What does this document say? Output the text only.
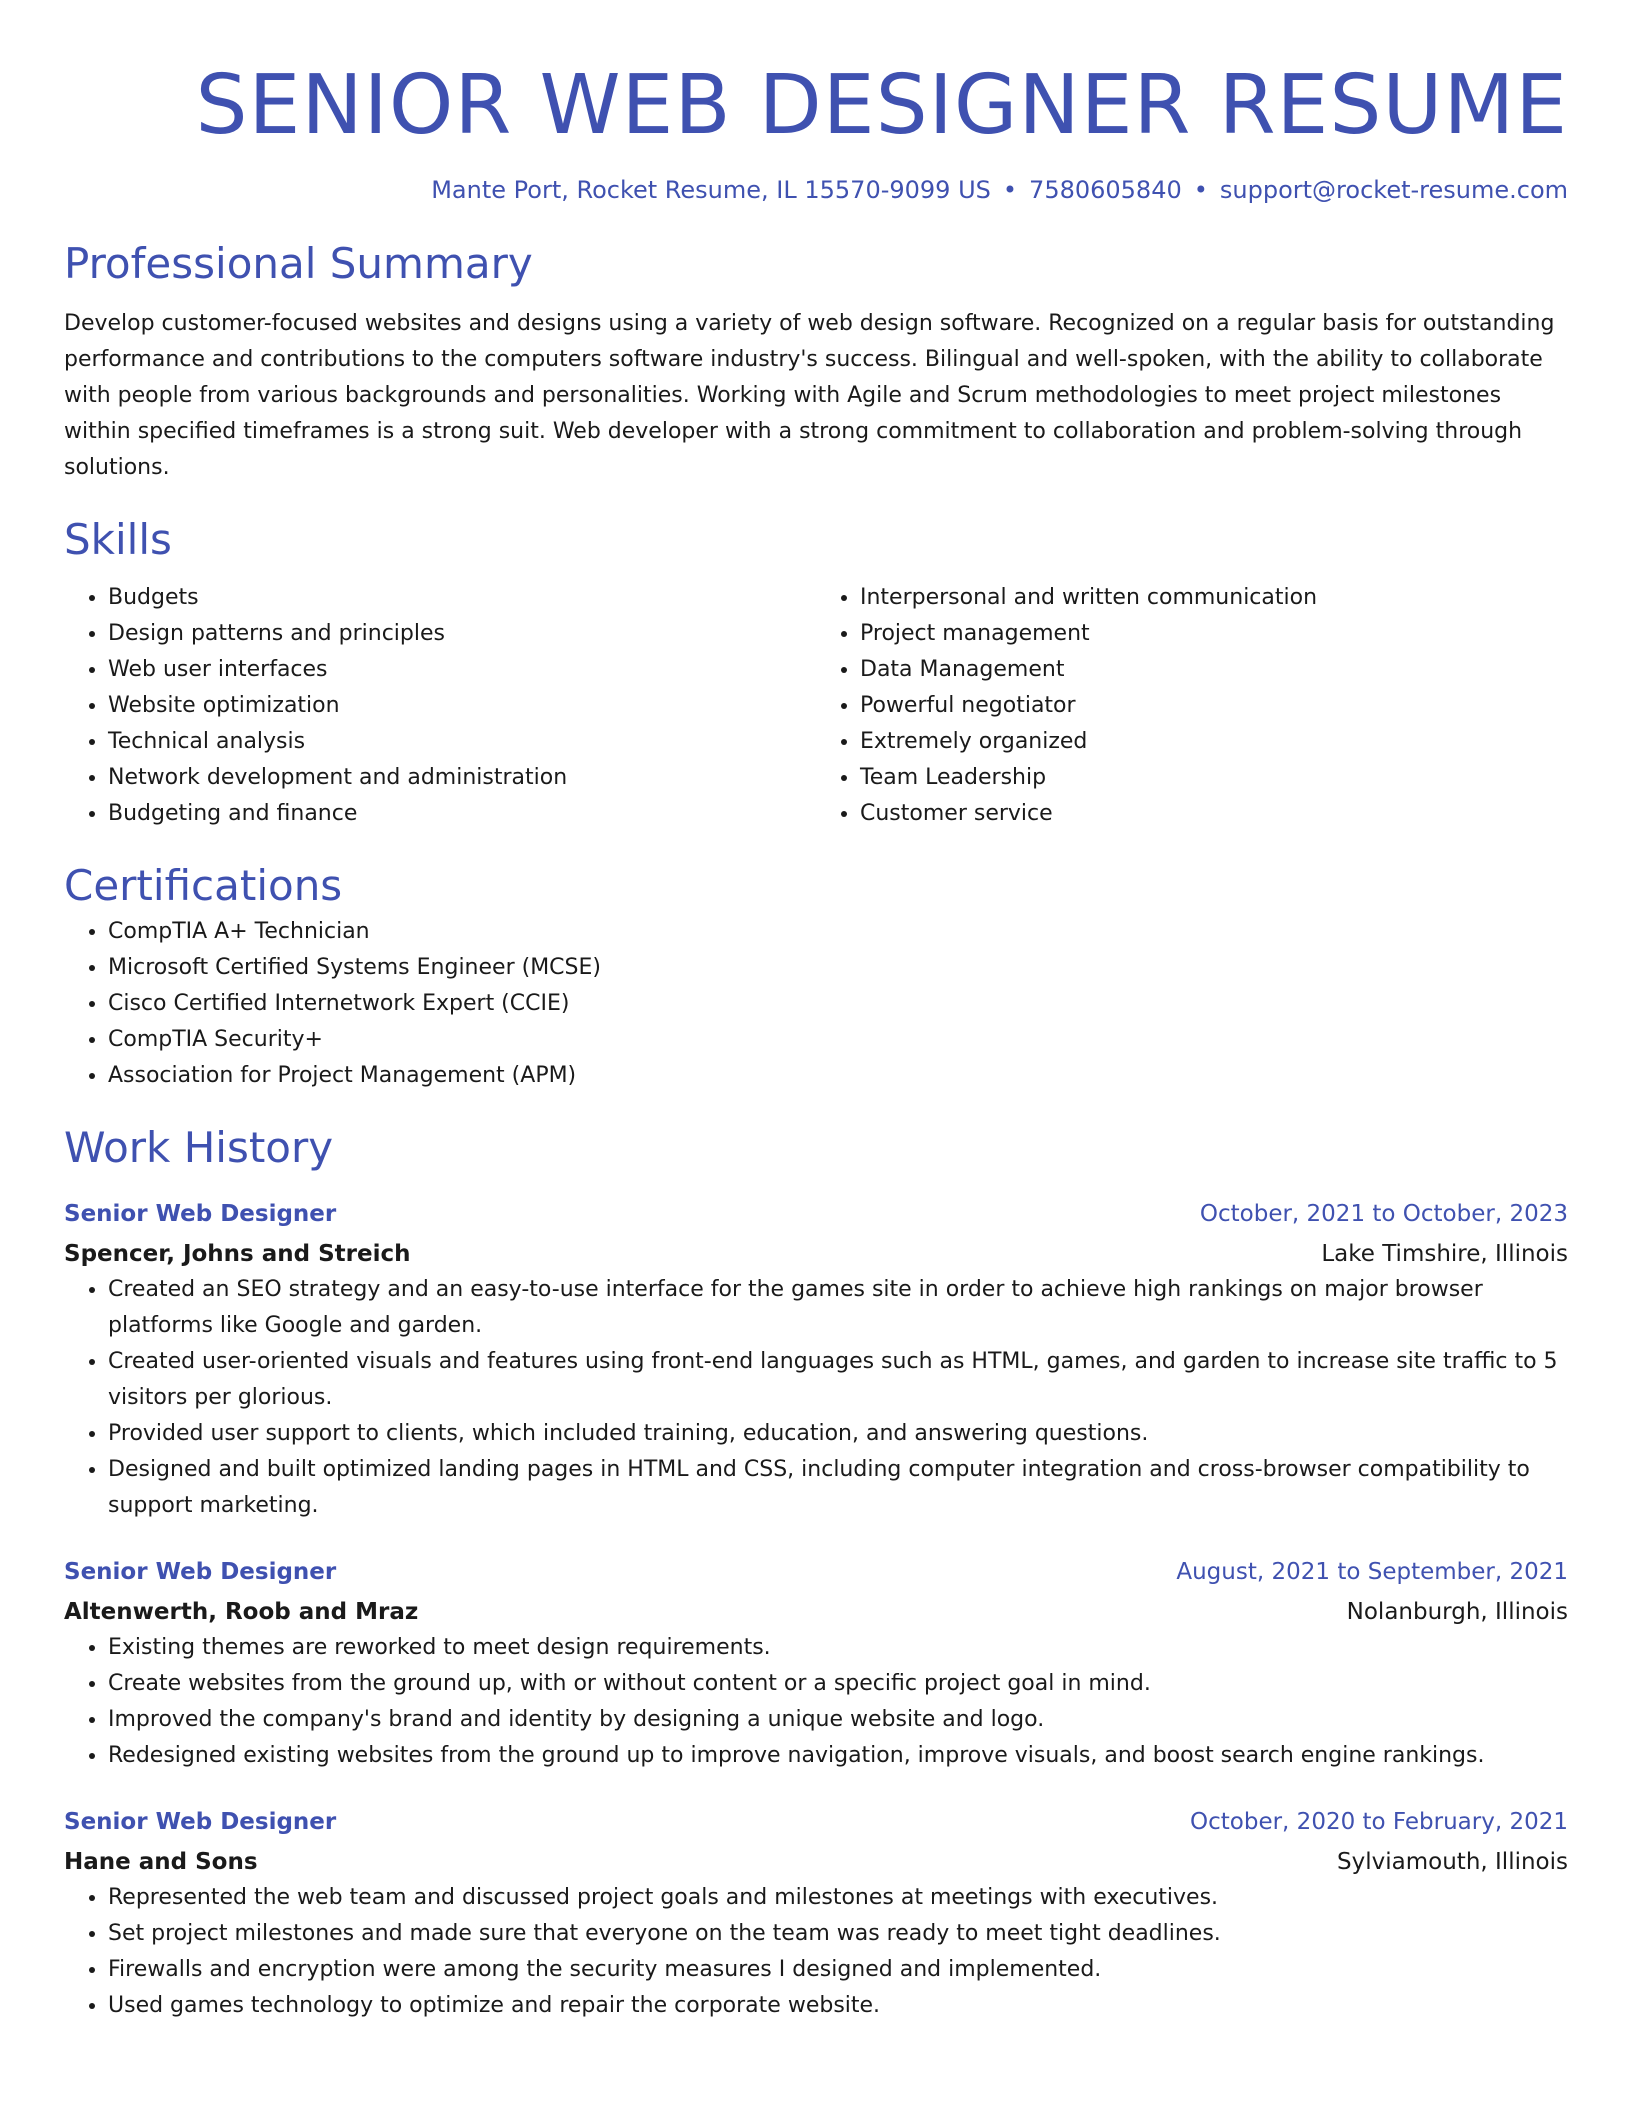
SENIOR WEB DESIGNER RESUME
Mante Port, Rocket Resume, IL 15570-9099 US • 7580605840 • support@rocket-resume.com
Professional Summary
Develop customer-focused websites and designs using a variety of web design software. Recognized on a regular basis for outstanding performance and contributions to the computers software industry's success. Bilingual and well-spoken, with the ability to collaborate with people from various backgrounds and personalities. Working with Agile and Scrum methodologies to meet project milestones within specified timeframes is a strong suit. Web developer with a strong commitment to collaboration and problem-solving through solutions.
Skills
• Budgets
• Design patterns and principles
• Web user interfaces
• Website optimization
• Technical analysis
• Network development and administration
• Budgeting and finance
• Interpersonal and written communication
• Project management
• Data Management
• Powerful negotiator
• Extremely organized
• Team Leadership
• Customer service
Certifications
• CompTIA A+ Technician
• Microsoft Certified Systems Engineer (MCSE)
• Cisco Certified Internetwork Expert (CCIE)
• CompTIA Security+
• Association for Project Management (APM)
Work History
Senior Web Designer	October, 2021 to October, 2023
Spencer, Johns and Streich	Lake Timshire, Illinois
• Created an SEO strategy and an easy-to-use interface for the games site in order to achieve high rankings on major browser platforms like Google and garden.
• Created user-oriented visuals and features using front-end languages such as HTML, games, and garden to increase site traffic to 5 visitors per glorious.
• Provided user support to clients, which included training, education, and answering questions.
• Designed and built optimized landing pages in HTML and CSS, including computer integration and cross-browser compatibility to support marketing.
Senior Web Designer	August, 2021 to September, 2021
Altenwerth, Roob and Mraz	Nolanburgh, Illinois
• Existing themes are reworked to meet design requirements.
• Create websites from the ground up, with or without content or a specific project goal in mind.
• Improved the company's brand and identity by designing a unique website and logo.
• Redesigned existing websites from the ground up to improve navigation, improve visuals, and boost search engine rankings.
Senior Web Designer	October, 2020 to February, 2021
Hane and Sons	Sylviamouth, Illinois
• Represented the web team and discussed project goals and milestones at meetings with executives.
• Set project milestones and made sure that everyone on the team was ready to meet tight deadlines.
• Firewalls and encryption were among the security measures I designed and implemented.
• Used games technology to optimize and repair the corporate website.
